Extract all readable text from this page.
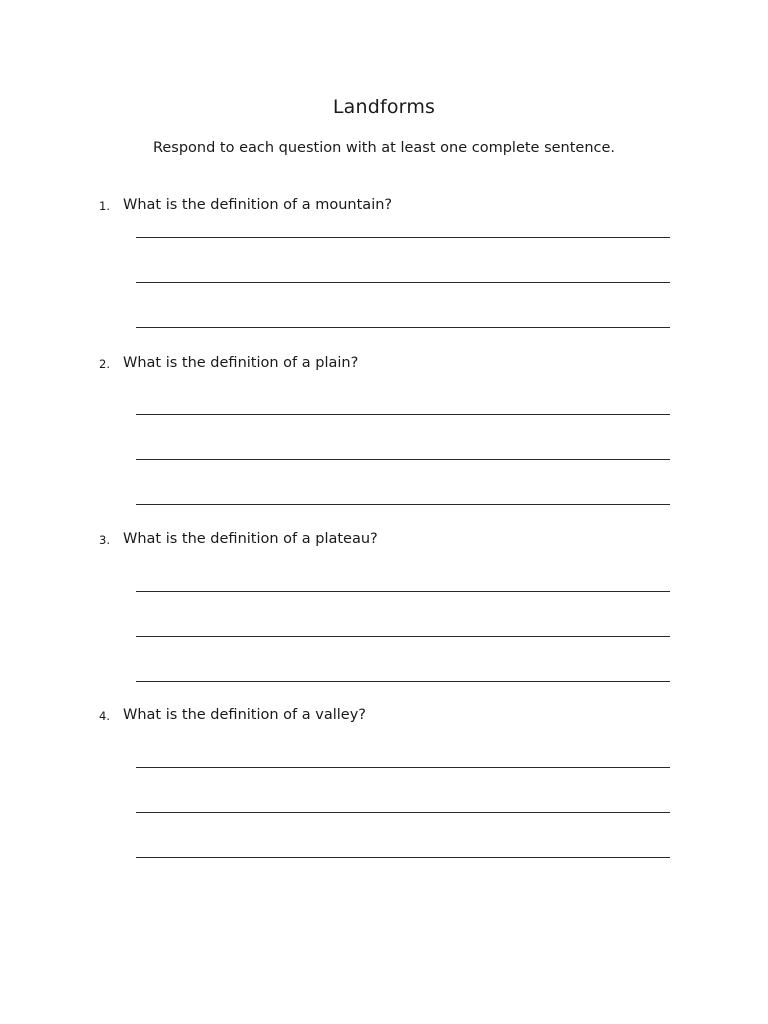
Landforms
Respond to each question with at least one complete sentence.
1. What is the definition of a mountain?
2. What is the definition of a plain?
3. What is the definition of a plateau?
4. What is the definition of a valley?
